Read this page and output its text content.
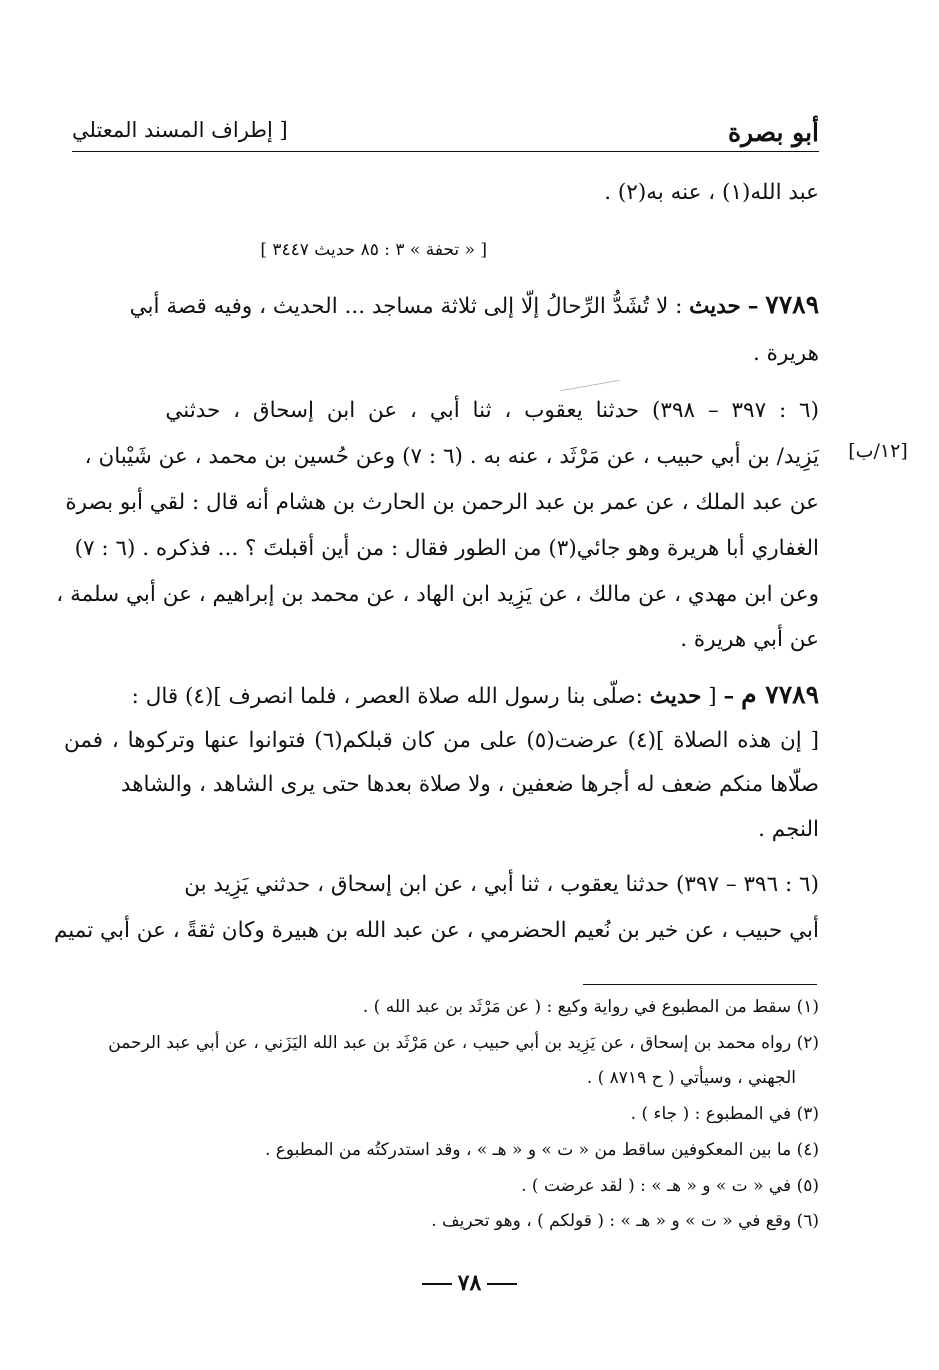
أبو بصرة
[ إطراف المسند المعتلي
عبد الله(١) ، عنه به(٢) .
[ « تحفة » ٣ : ٨٥ حديث ٣٤٤٧ ]
٧٧٨٩ – حديث : لا تُشَدُّ الرِّحالُ إلّا إلى ثلاثة مساجد ... الحديث ، وفيه قصة أبي
هريرة .
(٦ : ٣٩٧ – ٣٩٨) حدثنا يعقوب ، ثنا أبي ، عن ابن إسحاق ، حدثني
يَزِيد/ بن أبي حبيب ، عن مَرْثَد ، عنه به . (٦ : ٧) وعن حُسين بن محمد ، عن شَيْبان ،	[١٢/ب]
عن عبد الملك ، عن عمر بن عبد الرحمن بن الحارث بن هشام أنه قال : لقي أبو بصرة
الغفاري أبا هريرة وهو جائي(٣) من الطور فقال : من أين أقبلتَ ؟ ... فذكره . (٦ : ٧)
وعن ابن مهدي ، عن مالك ، عن يَزِيد ابن الهاد ، عن محمد بن إبراهيم ، عن أبي سلمة ،
عن أبي هريرة .
٧٧٨٩ م – [ حديث :صلّى بنا رسول الله صلاة العصر ، فلما انصرف ](٤) قال :
[ إن هذه الصلاة ](٤) عرضت(٥) على من كان قبلكم(٦) فتوانوا عنها وتركوها ، فمن
صلّاها منكم ضعف له أجرها ضعفين ، ولا صلاة بعدها حتى يرى الشاهد ، والشاهد
النجم .
(٦ : ٣٩٦ – ٣٩٧) حدثنا يعقوب ، ثنا أبي ، عن ابن إسحاق ، حدثني يَزِيد بن
أبي حبيب ، عن خير بن نُعيم الحضرمي ، عن عبد الله بن هبيرة وكان ثقةً ، عن أبي تميم
(١) سقط من المطبوع في رواية وكيع : ( عن مَرْثَد بن عبد الله ) .
(٢) رواه محمد بن إسحاق ، عن يَزِيد بن أبي حبيب ، عن مَرْثَد بن عبد الله اليَزَني ، عن أبي عبد الرحمن
الجهني ، وسيأتي ( ح ٨٧١٩ ) .
(٣) في المطبوع : ( جاء ) .
(٤) ما بين المعكوفين ساقط من « ت » و « هـ » ، وقد استدركتُه من المطبوع .
(٥) في « ت » و « هـ » : ( لقد عرضت ) .
(٦) وقع في « ت » و « هـ » : ( قولكم ) ، وهو تحريف .
٧٨
